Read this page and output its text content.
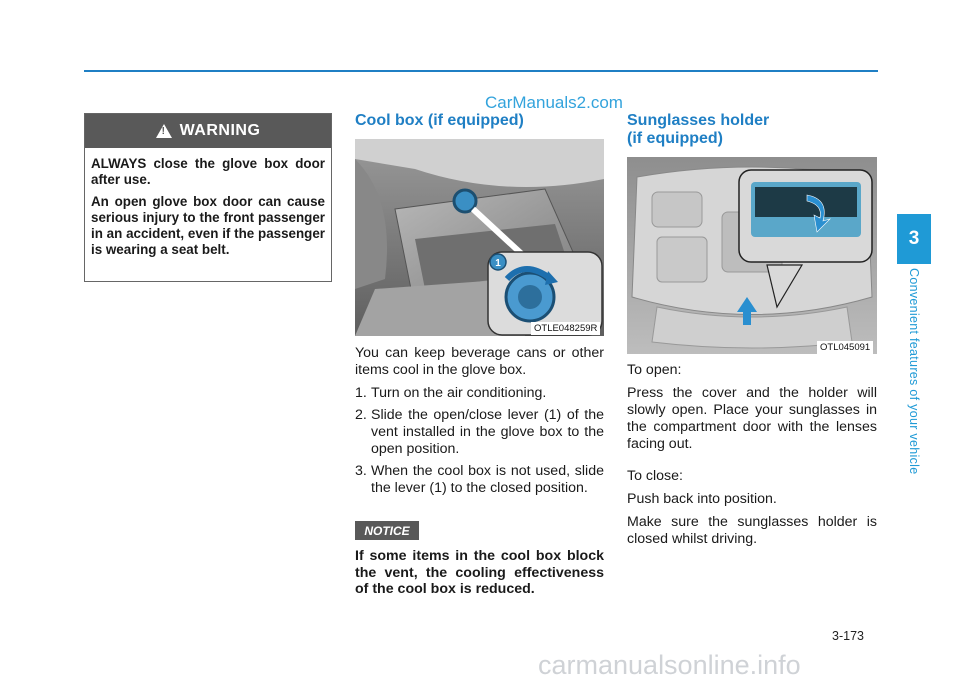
CarManuals2.com
!
WARNING

ALWAYS close the glove box door after use.

An open glove box door can cause serious injury to the front passenger in an accident, even if the passenger is wearing a seat belt.

Cool box (if equipped)
1
OTLE048259R

You can keep beverage cans or other items cool in the glove box.

1. Turn on the air conditioning.
2. Slide the open/close lever (1) of the vent installed in the glove box to the open position.
3. When the cool box is not used, slide the lever (1) to the closed position.
NOTICE
If some items in the cool box block the vent, the cooling effectiveness of the cool box is reduced.
Sunglasses holder
(if equipped)
OTL045091

To open:

Press the cover and the holder will slowly open. Place your sunglasses in the compartment door with the lenses facing out.

To close:

Push back into position.

Make sure the sunglasses holder is closed whilst driving.

3
Convenient features of your vehicle
3-173
carmanualsonline.info
